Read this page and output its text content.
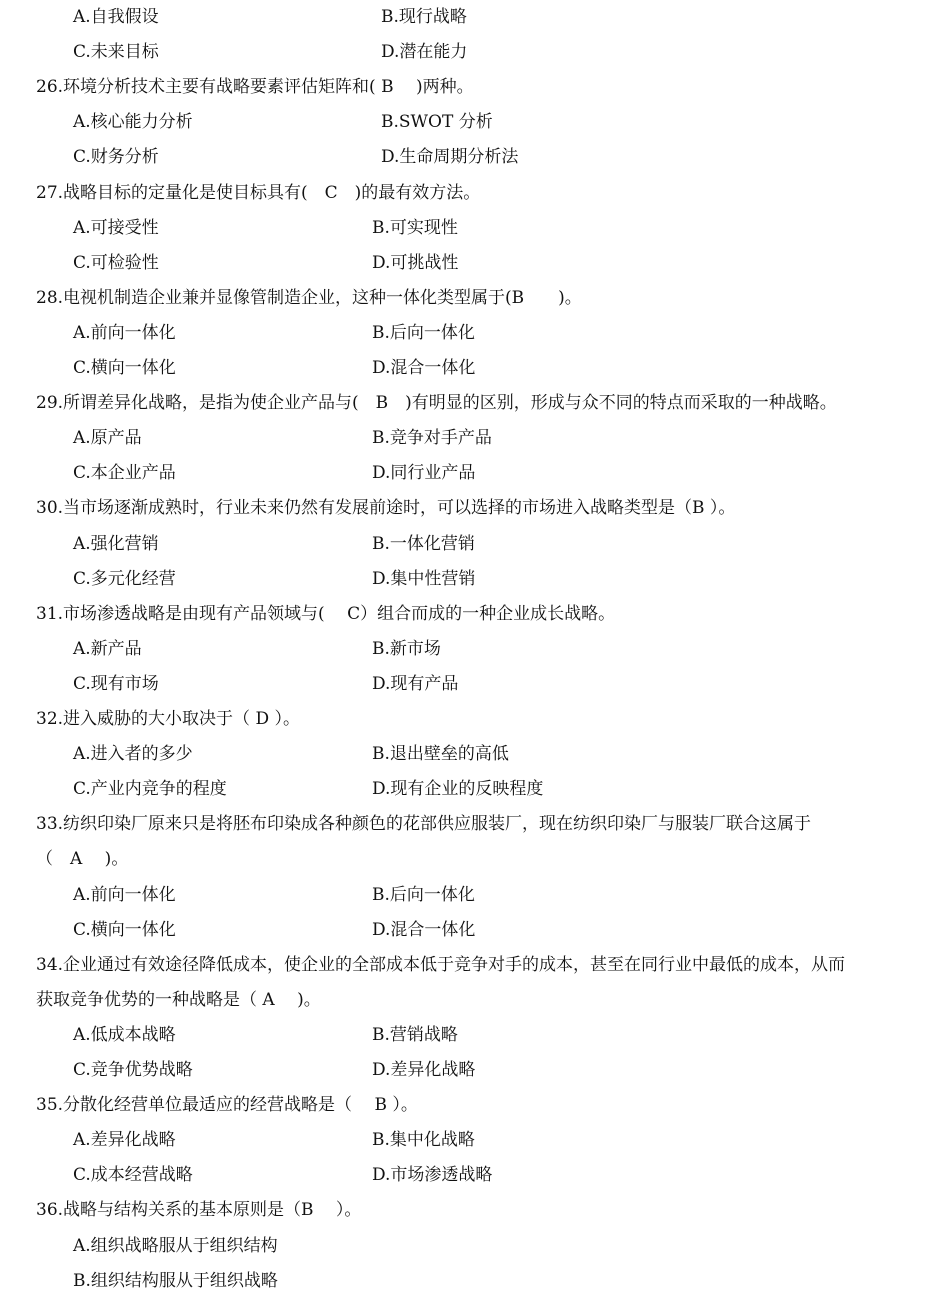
A.自我假设	B.现行战略
C.未来目标	D.潜在能力
26.环境分析技术主要有战略要素评估矩阵和( B　 )两种。
A.核心能力分析	B.SWOT 分析
C.财务分析	D.生命周期分析法
27.战略目标的定量化是使目标具有(　C　)的最有效方法。
A.可接受性	B.可实现性
C.可检验性	D.可挑战性
28.电视机制造企业兼并显像管制造企业，这种一体化类型属于(B　　)。
A.前向一体化	B.后向一体化
C.横向一体化	D.混合一体化
29.所谓差异化战略，是指为使企业产品与(　B　)有明显的区别，形成与众不同的特点而采取的一种战略。
A.原产品	B.竞争对手产品
C.本企业产品	D.同行业产品
30.当市场逐渐成熟时，行业未来仍然有发展前途时，可以选择的市场进入战略类型是（B ）。
A.强化营销	B.一体化营销
C.多元化经营	D.集中性营销
31.市场渗透战略是由现有产品领域与(　 C）组合而成的一种企业成长战略。
A.新产品	B.新市场
C.现有市场	D.现有产品
32.进入威胁的大小取决于（ D ）。
A.进入者的多少	B.退出壁垒的高低
C.产业内竞争的程度	D.现有企业的反映程度
33.纺织印染厂原来只是将胚布印染成各种颜色的花部供应服装厂，现在纺织印染厂与服装厂联合这属于
（　A　 )。
A.前向一体化	B.后向一体化
C.横向一体化	D.混合一体化
34.企业通过有效途径降低成本，使企业的全部成本低于竞争对手的成本，甚至在同行业中最低的成本，从而
获取竞争优势的一种战略是（ A　 )。
A.低成本战略	B.营销战略
C.竞争优势战略	D.差异化战略
35.分散化经营单位最适应的经营战略是（　 B ）。
A.差异化战略	B.集中化战略
C.成本经营战略	D.市场渗透战略
36.战略与结构关系的基本原则是（B　 ）。
A.组织战略服从于组织结构
B.组织结构服从于组织战略
